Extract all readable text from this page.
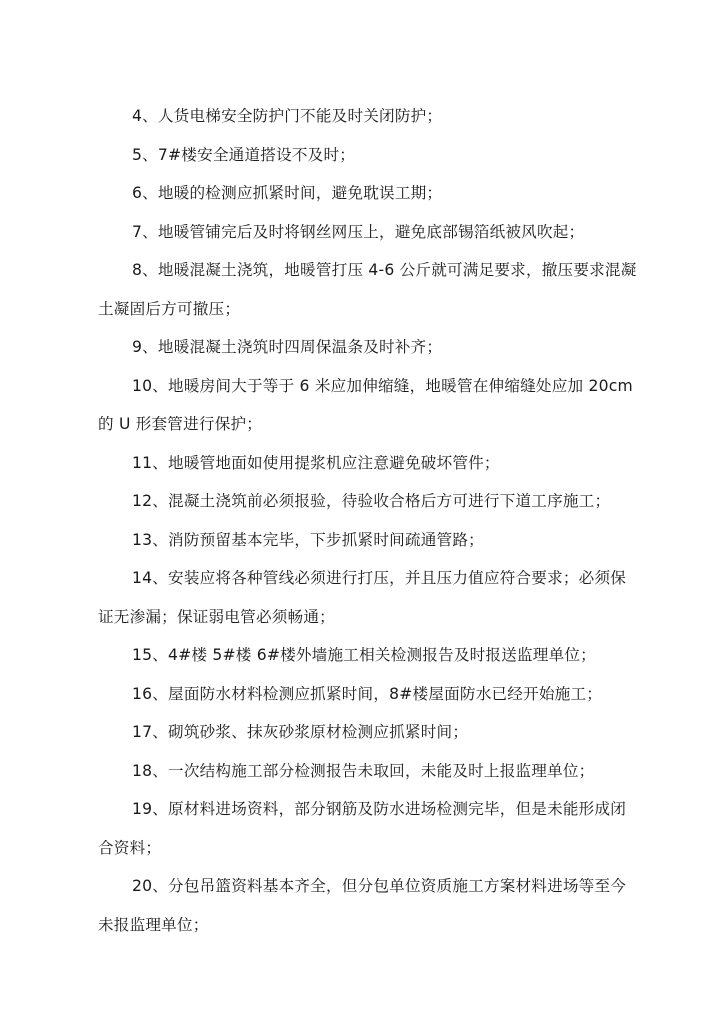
4、人货电梯安全防护门不能及时关闭防护；

5、7#楼安全通道搭设不及时；

6、地暖的检测应抓紧时间，避免耽误工期；

7、地暖管铺完后及时将钢丝网压上，避免底部锡箔纸被风吹起；

8、地暖混凝土浇筑，地暖管打压 4-6 公斤就可满足要求，撤压要求混凝土凝固后方可撤压；

9、地暖混凝土浇筑时四周保温条及时补齐；

10、地暖房间大于等于 6 米应加伸缩缝，地暖管在伸缩缝处应加 20cm 的 U 形套管进行保护；

11、地暖管地面如使用提浆机应注意避免破坏管件；

12、混凝土浇筑前必须报验，待验收合格后方可进行下道工序施工；

13、消防预留基本完毕，下步抓紧时间疏通管路；

14、安装应将各种管线必须进行打压，并且压力值应符合要求；必须保证无渗漏；保证弱电管必须畅通；

15、4#楼 5#楼 6#楼外墙施工相关检测报告及时报送监理单位；

16、屋面防水材料检测应抓紧时间，8#楼屋面防水已经开始施工；

17、砌筑砂浆、抹灰砂浆原材检测应抓紧时间；

18、一次结构施工部分检测报告未取回，未能及时上报监理单位；

19、原材料进场资料，部分钢筋及防水进场检测完毕，但是未能形成闭合资料；

20、分包吊篮资料基本齐全，但分包单位资质施工方案材料进场等至今未报监理单位；
